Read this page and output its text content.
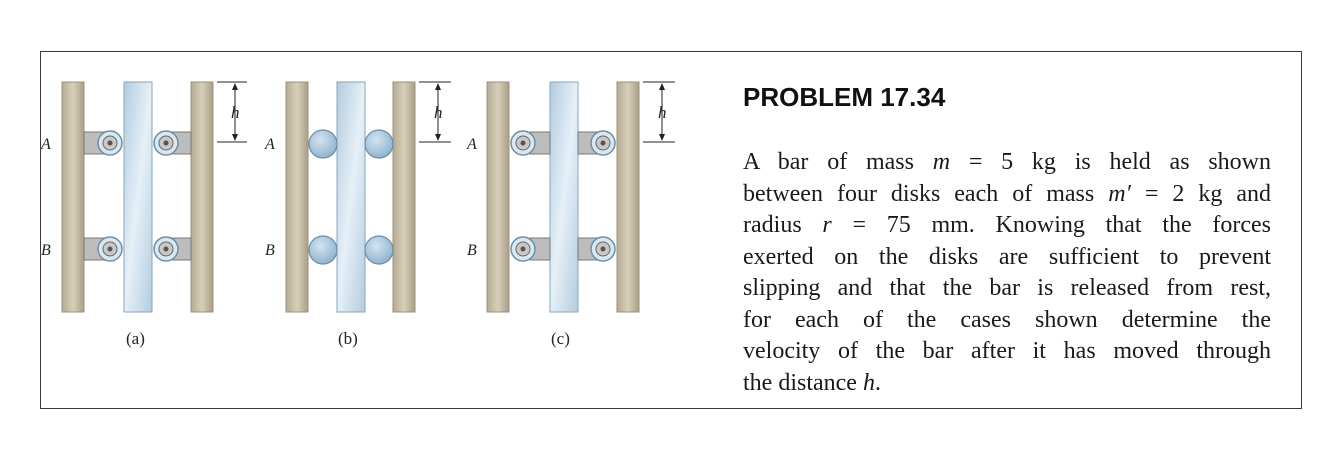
h
A
B
(a)
h
A
B
(b)
h
A
B
(c)
PROBLEM 17.34
A bar of mass m = 5 kg is held as shown
between four disks each of mass m′ = 2 kg and
radius r = 75 mm. Knowing that the forces
exerted on the disks are sufficient to prevent
slipping and that the bar is released from rest,
for each of the cases shown determine the
velocity of the bar after it has moved through
the distance h.
